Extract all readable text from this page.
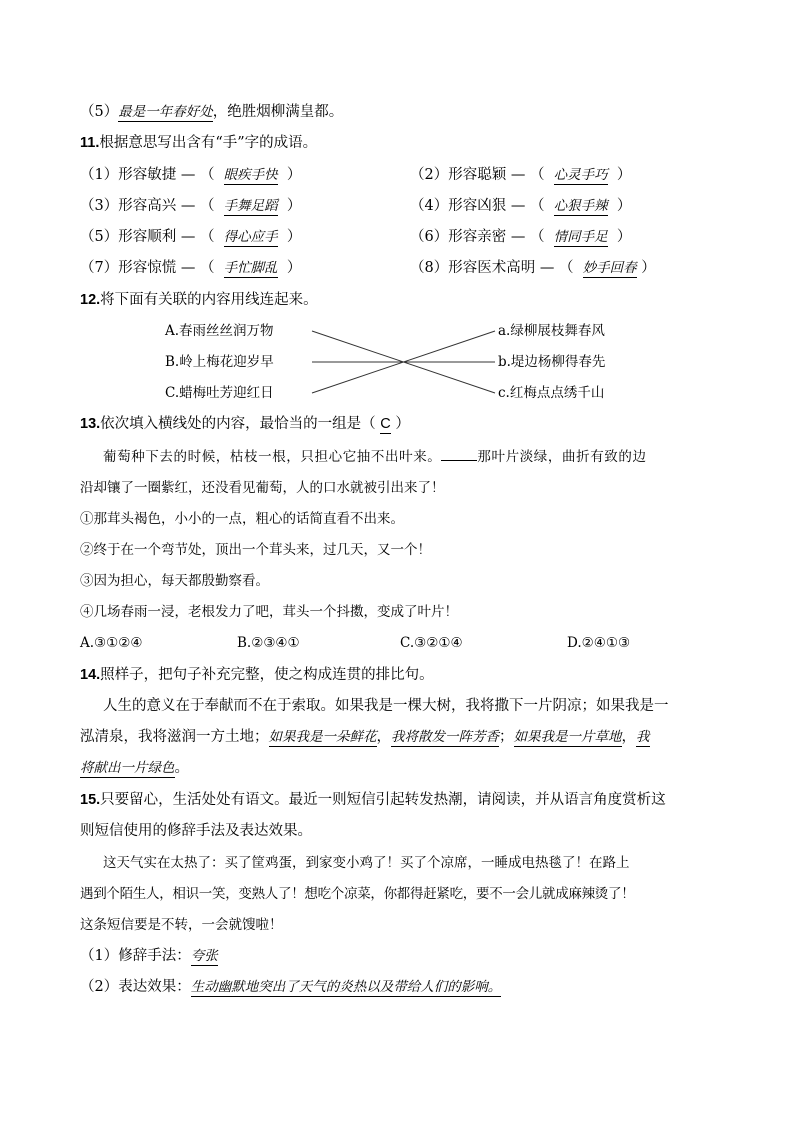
（5）最是一年春好处，绝胜烟柳满皇都。
11.根据意思写出含有“手”字的成语。
（1）形容敏捷 — （ 眼疾手快 ）	（2）形容聪颖 — （ 心灵手巧 ）
（3）形容高兴 — （ 手舞足蹈 ）	（4）形容凶狠 — （ 心狠手辣 ）
（5）形容顺利 — （ 得心应手 ）	（6）形容亲密 — （ 情同手足 ）
（7）形容惊慌 — （ 手忙脚乱 ）	（8）形容医术高明 — （ 妙手回春 ）
12.将下面有关联的内容用线连起来。
A.春雨丝丝润万物
B.岭上梅花迎岁早
C.蜡梅吐芳迎红日
a.绿柳展枝舞春风
b.堤边杨柳得春先
c.红梅点点绣千山
13.依次填入横线处的内容，最恰当的一组是（ C ）
葡萄种下去的时候，枯枝一根，只担心它抽不出叶来。	那叶片淡绿，曲折有致的边
沿却镶了一圈紫红，还没看见葡萄，人的口水就被引出来了！
①那茸头褐色，小小的一点，粗心的话简直看不出来。
②终于在一个弯节处，顶出一个茸头来，过几天，又一个！
③因为担心，每天都殷勤察看。
④几场春雨一浸，老根发力了吧，茸头一个抖擞，变成了叶片！
A.③①②④	B.②③④①	C.③②①④	D.②④①③
14.照样子，把句子补充完整，使之构成连贯的排比句。
人生的意义在于奉献而不在于索取。如果我是一棵大树，我将撒下一片阴凉；如果我是一
泓清泉，我将滋润一方土地；如果我是一朵鲜花，我将散发一阵芳香；如果我是一片草地，我
将献出一片绿色。
15.只要留心，生活处处有语文。最近一则短信引起转发热潮，请阅读，并从语言角度赏析这
则短信使用的修辞手法及表达效果。
这天气实在太热了：买了筐鸡蛋，到家变小鸡了！买了个凉席，一睡成电热毯了！在路上
遇到个陌生人，相识一笑，变熟人了！想吃个凉菜，你都得赶紧吃，要不一会儿就成麻辣烫了！
这条短信要是不转，一会就馊啦！
（1）修辞手法：夸张
（2）表达效果：生动幽默地突出了天气的炎热以及带给人们的影响。
